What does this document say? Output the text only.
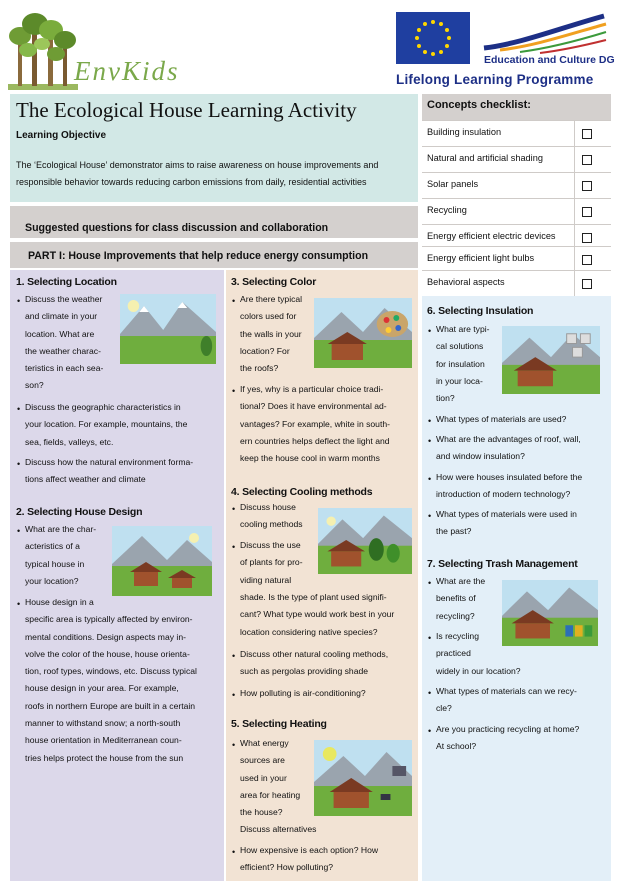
EnvKids	Education and Culture DG
Lifelong Learning Programme
The Ecological House Learning Activity
Learning Objective
The ‘Ecological House’ demonstrator aims to raise awareness on house improvements and
responsible behavior towards reducing carbon emissions from daily, residential activities
Concepts checklist:
Building insulation
Natural and artificial shading
Solar panels
Recycling
Energy efficient electric devices
Energy efficient light bulbs
Behavioral aspects
Suggested questions for class discussion and collaboration
PART I: House Improvements that help reduce energy consumption
1. Selecting Location
• Discuss the weather
and climate in your
location. What are
the weather charac-
teristics in each sea-
son?
• Discuss the geographic characteristics in
your location. For example, mountains, the
sea, fields, valleys, etc.
• Discuss how the natural environment forma-
tions affect weather and climate
2. Selecting House Design
• What are the char-
acteristics of a
typical house in
your location?
• House design in a
specific area is typically affected by environ-
mental conditions. Design aspects may in-
volve the color of the house, house orienta-
tion, roof types, windows, etc. Discuss typical
house design in your area. For example,
roofs in northern Europe are built in a certain
manner to withstand snow; a north-south
house orientation in Mediterranean coun-
tries helps protect the house from the sun
3. Selecting Color
• Are there typical
colors used for
the walls in your
location? For
the roofs?
• If yes, why is a particular choice tradi-
tional? Does it have environmental ad-
vantages? For example, white in south-
ern countries helps deflect the light and
keep the house cool in warm months
4. Selecting Cooling methods
• Discuss house
cooling methods
• Discuss the use
of plants for pro-
viding natural
shade. Is the type of plant used signifi-
cant? What type would work best in your
location considering native species?
• Discuss other natural cooling methods,
such as pergolas providing shade
• How polluting is air-conditioning?
5. Selecting Heating
• What energy
sources are
used in your
area for heating
the house?
Discuss alternatives
• How expensive is each option? How
efficient? How polluting?
6. Selecting Insulation
• What are typi-
cal solutions
for insulation
in your loca-
tion?
• What types of materials are used?
• What are the advantages of roof, wall,
and window insulation?
• How were houses insulated before the
introduction of modern technology?
• What types of materials were used in
the past?
7. Selecting Trash Management
• What are the
benefits of
recycling?
• Is recycling
practiced
widely in our location?
• What types of materials can we recy-
cle?
• Are you practicing recycling at home?
At school?
